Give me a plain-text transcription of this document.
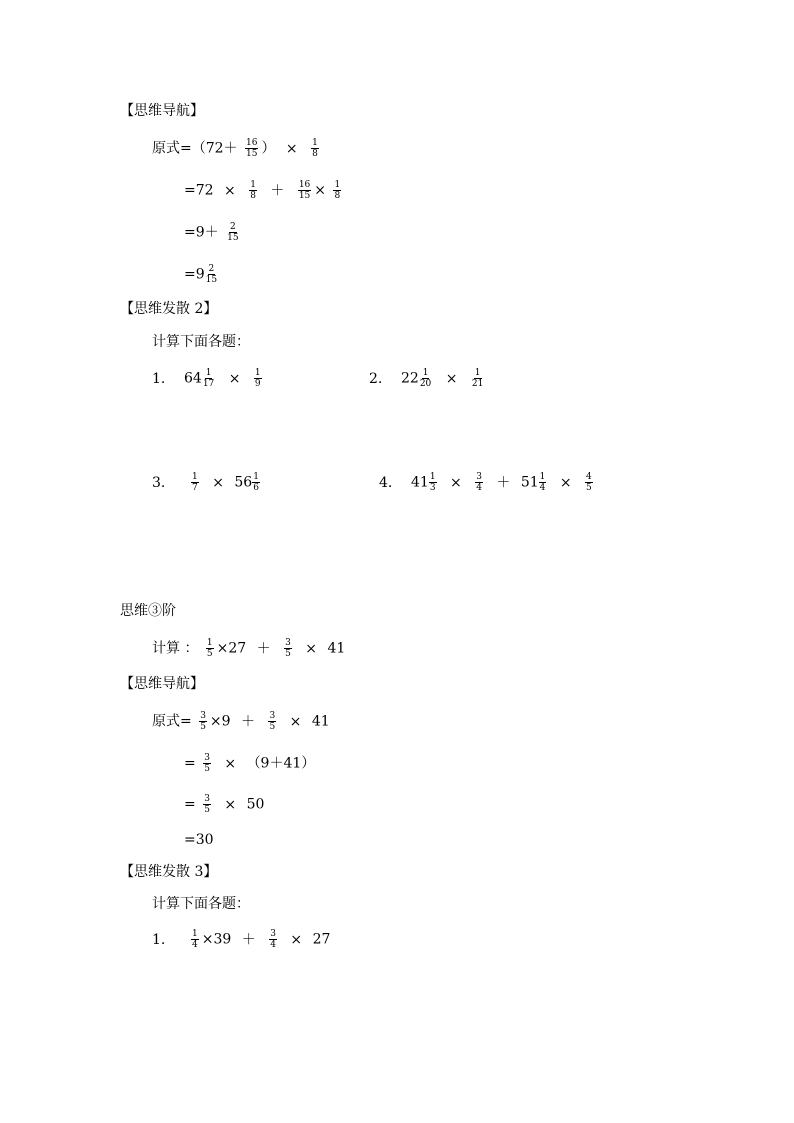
【思维导航】
原式$=(72+ \frac{16}{15}$ ） × $\frac{1}{8}$
$=72 \times \frac{1}{8} + \frac{16}{15} \times \frac{1}{8}$
$=9+ \frac{2}{15}$
$=9 \frac{2}{15}$
【思维发散 2】
计算下面各题：
1. $64 \frac{1}{17} \times \frac{1}{9}$	2. $22 \frac{1}{20} \times \frac{1}{21}$
3.	$\frac{1}{7} \times 56 \frac{1}{6}$	4. $41 \frac{1}{3} \times \frac{3}{4} + 51 \frac{1}{4} \times \frac{4}{5}$
思维③阶
计算 ： $\frac{1}{5} \times 27 + \frac{3}{5} \times 41$
【思维导航】
原式= $\frac{3}{5} \times 9 + \frac{3}{5} \times 41$
= $\frac{3}{5} \times (9+41)$
= $\frac{3}{5} \times 50$
=30
【思维发散 3】
计算下面各题：
1.	$\frac{1}{4} \times 39 + \frac{3}{4} \times 27$
